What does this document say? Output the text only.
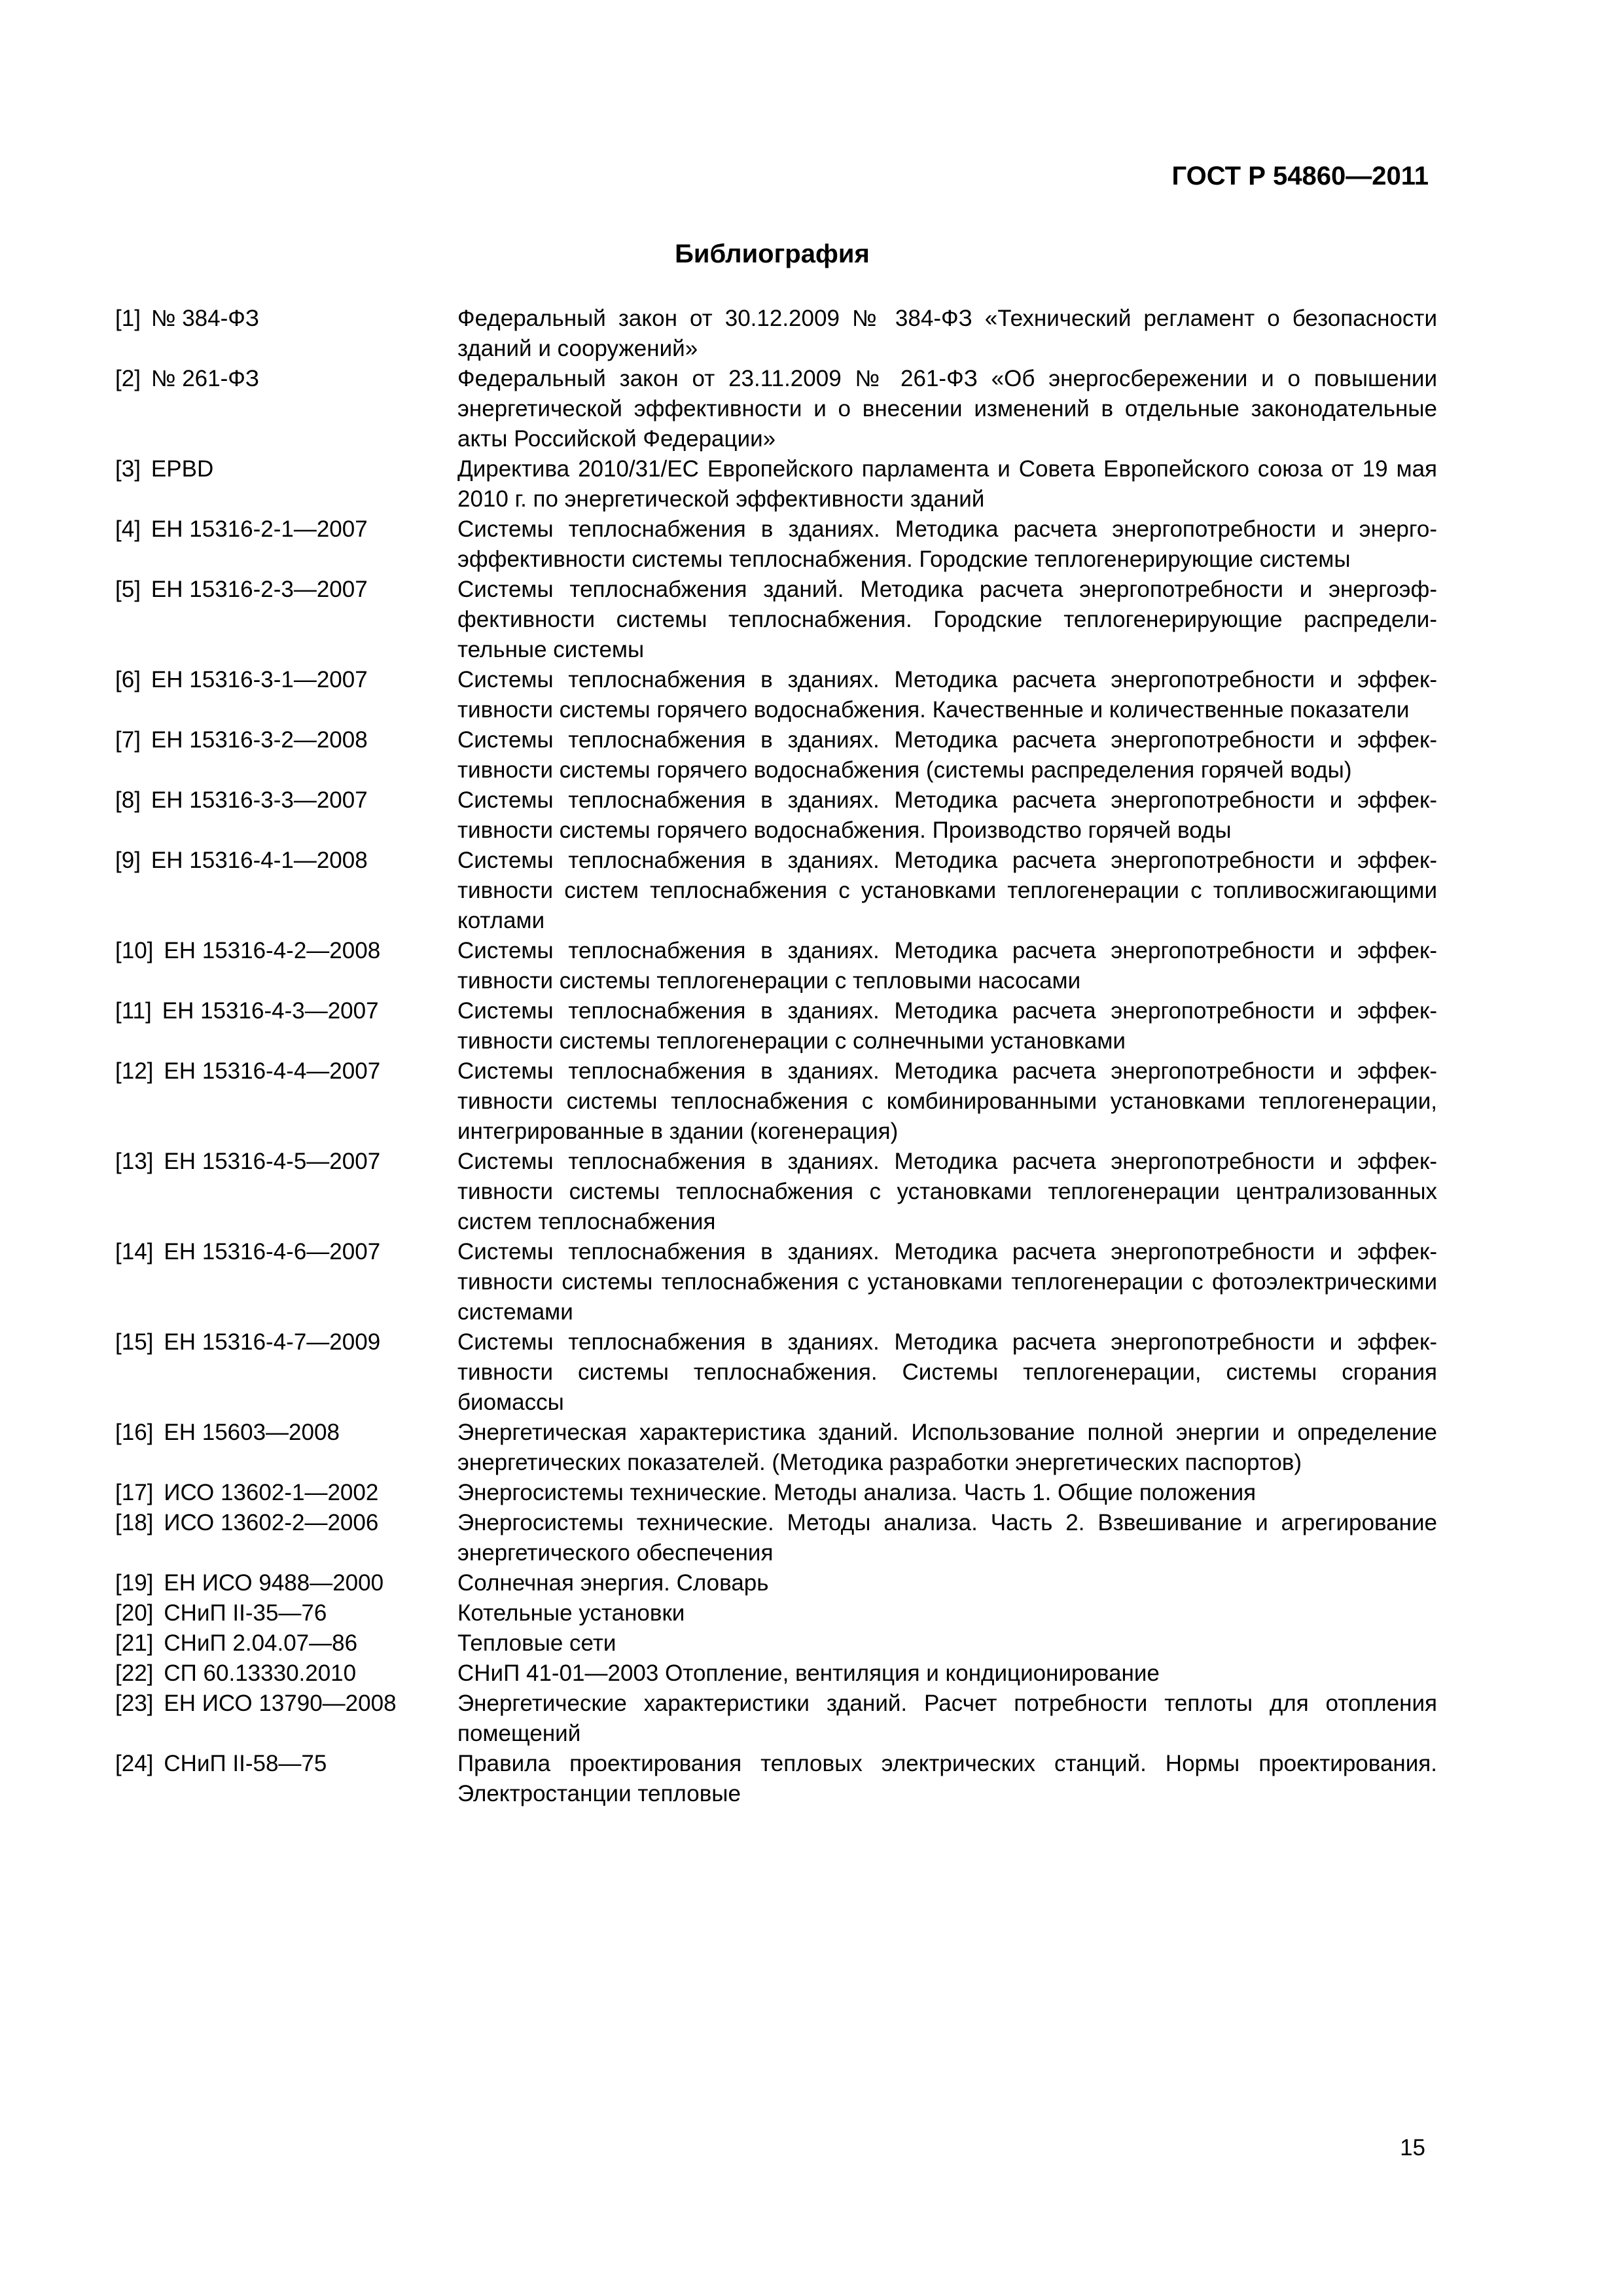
ГОСТ Р 54860—2011
Библиография
[1] № 384-ФЗ	Федеральный закон от 30.12.2009 № 384-ФЗ «Технический регламент о безопасности зданий и сооружений»
[2] № 261-ФЗ	Федеральный закон от 23.11.2009 № 261-ФЗ «Об энергосбережении и о повышении энергетической эффективности и о внесении изменений в отдельные законодательные акты Российской Федерации»
[3] EPBD	Директива 2010/31/ЕС Европейского парламента и Совета Европейского союза от 19 мая 2010 г. по энергетической эффективности зданий
[4] ЕН 15316-2-1—2007	Системы теплоснабжения в зданиях. Методика расчета энергопотребности и энергоэффективности системы теплоснабжения. Городские теплогенерирующие системы
[5] ЕН 15316-2-3—2007	Системы теплоснабжения зданий. Методика расчета энергопотребности и энергоэффективности системы теплоснабжения. Городские теплогенерирующие распределительные системы
[6] ЕН 15316-3-1—2007	Системы теплоснабжения в зданиях. Методика расчета энергопотребности и эффективности системы горячего водоснабжения. Качественные и количественные показатели
[7] ЕН 15316-3-2—2008	Системы теплоснабжения в зданиях. Методика расчета энергопотребности и эффективности системы горячего водоснабжения (системы распределения горячей воды)
[8] ЕН 15316-3-3—2007	Системы теплоснабжения в зданиях. Методика расчета энергопотребности и эффективности системы горячего водоснабжения. Производство горячей воды
[9] ЕН 15316-4-1—2008	Системы теплоснабжения в зданиях. Методика расчета энергопотребности и эффективности систем теплоснабжения с установками теплогенерации с топливосжигающими котлами
[10] ЕН 15316-4-2—2008	Системы теплоснабжения в зданиях. Методика расчета энергопотребности и эффективности системы теплогенерации с тепловыми насосами
[11] ЕН 15316-4-3—2007	Системы теплоснабжения в зданиях. Методика расчета энергопотребности и эффективности системы теплогенерации с солнечными установками
[12] ЕН 15316-4-4—2007	Системы теплоснабжения в зданиях. Методика расчета энергопотребности и эффективности системы теплоснабжения с комбинированными установками теплогенерации, интегрированные в здании (когенерация)
[13] ЕН 15316-4-5—2007	Системы теплоснабжения в зданиях. Методика расчета энергопотребности и эффективности системы теплоснабжения с установками теплогенерации централизованных систем теплоснабжения
[14] ЕН 15316-4-6—2007	Системы теплоснабжения в зданиях. Методика расчета энергопотребности и эффективности системы теплоснабжения с установками теплогенерации с фотоэлектрическими системами
[15] ЕН 15316-4-7—2009	Системы теплоснабжения в зданиях. Методика расчета энергопотребности и эффективности системы теплоснабжения. Системы теплогенерации, системы сгорания биомассы
[16] ЕН 15603—2008	Энергетическая характеристика зданий. Использование полной энергии и определение энергетических показателей. (Методика разработки энергетических паспортов)
[17] ИСО 13602-1—2002	Энергосистемы технические. Методы анализа. Часть 1. Общие положения
[18] ИСО 13602-2—2006	Энергосистемы технические. Методы анализа. Часть 2. Взвешивание и агрегирование энергетического обеспечения
[19] ЕН ИСО 9488—2000	Солнечная энергия. Словарь
[20] СНиП II-35—76	Котельные установки
[21] СНиП 2.04.07—86	Тепловые сети
[22] СП 60.13330.2010	СНиП 41-01—2003 Отопление, вентиляция и кондиционирование
[23] ЕН ИСО 13790—2008	Энергетические характеристики зданий. Расчет потребности теплоты для отопления помещений
[24] СНиП II-58—75	Правила проектирования тепловых электрических станций. Нормы проектирования. Электростанции тепловые
15
